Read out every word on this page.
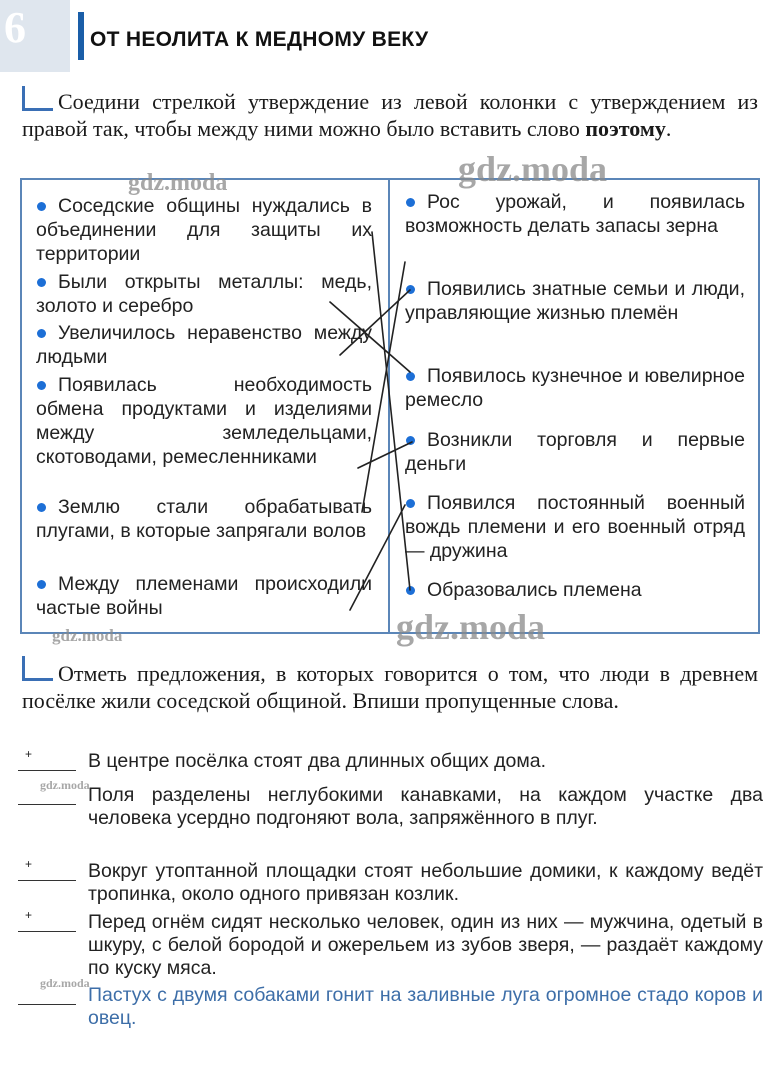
6	ОТ НЕОЛИТА К МЕДНОМУ ВЕКУ
Соедини стрелкой утверждение из левой колонки с утверждением из правой так, чтобы между ними можно было вставить слово поэтому.
Соседские общины нуждались в объединении для защиты их территории
Были открыты металлы: медь, золото и серебро
Увеличилось неравенство между людьми
Появилась необходимость обмена продуктами и изделиями между земледельцами, скотоводами, ремесленниками
Землю стали обрабатывать плугами, в которые запрягали волов
Между племенами происходили частые войны
Рос урожай, и появилась возможность делать запасы зерна
Появились знатные семьи и люди, управляющие жизнью племён
Появилось кузнечное и ювелирное ремесло
Возникли торговля и первые деньги
Появился постоянный военный вождь племени и его военный отряд — дружина
Образовались племена
gdz.moda	gdz.moda
gdz.moda
gdz.moda
gdz.moda
gdz.moda
Отметь предложения, в которых говорится о том, что люди в древнем посёлке жили соседской общиной. Впиши пропущенные слова.
+	В центре посёлка стоят два длинных общих дома.
Поля разделены неглубокими канавками, на каждом участке два человека усердно подгоняют вола, запряжённого в плуг.
+	Вокруг утоптанной площадки стоят небольшие домики, к каждому ведёт тропинка, около одного привязан козлик.
+	Перед огнём сидят несколько человек, один из них — мужчина, одетый в шкуру, с белой бородой и ожерельем из зубов зверя, — раздаёт каждому по куску мяса.
Пастух с двумя собаками гонит на заливные луга огромное стадо коров и овец.
